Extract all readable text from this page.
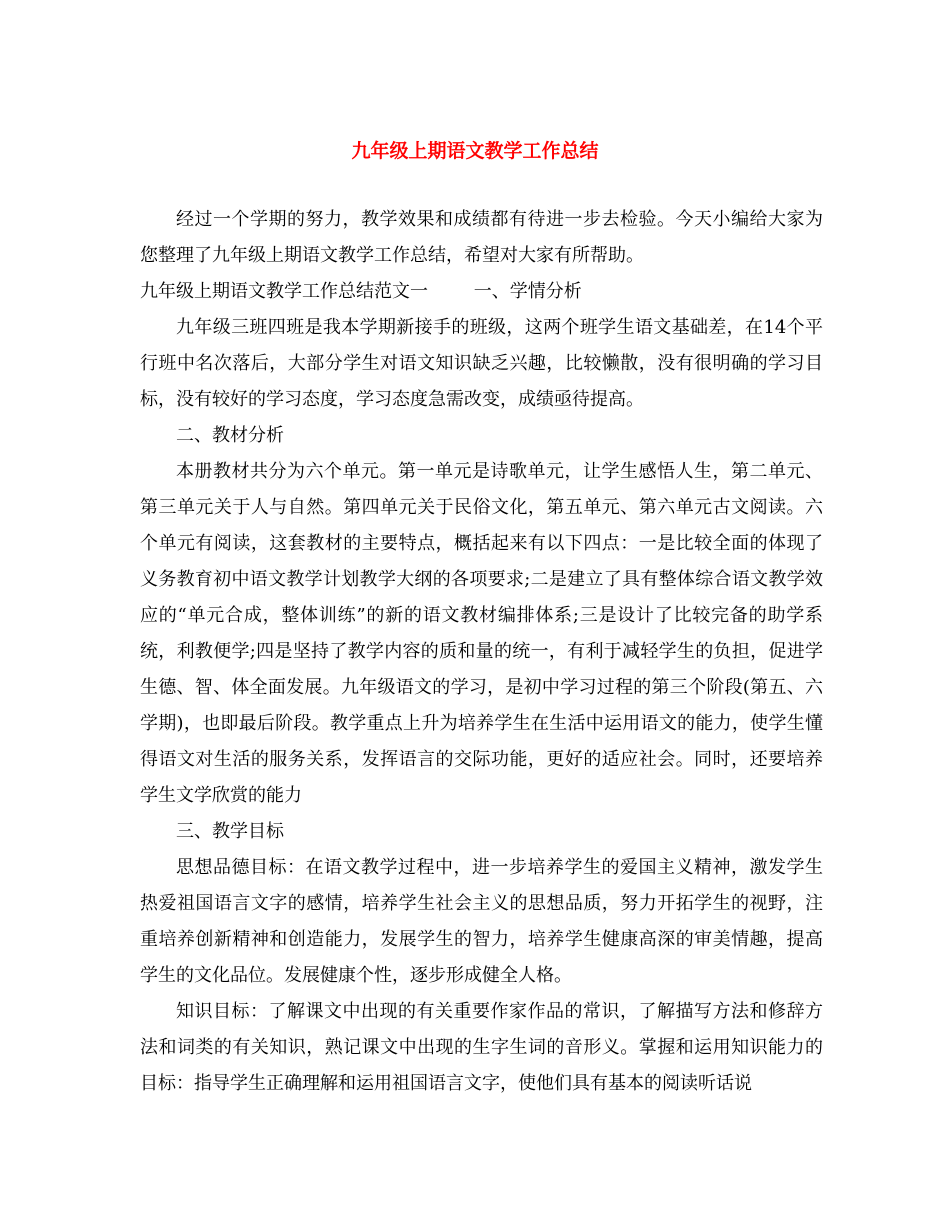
九年级上期语文教学工作总结

经过一个学期的努力，教学效果和成绩都有待进一步去检验。今天小编给大家为您整理了九年级上期语文教学工作总结，希望对大家有所帮助。

九年级上期语文教学工作总结范文一	一、学情分析

九年级三班四班是我本学期新接手的班级，这两个班学生语文基础差，在14个平行班中名次落后，大部分学生对语文知识缺乏兴趣，比较懒散，没有很明确的学习目标，没有较好的学习态度，学习态度急需改变，成绩亟待提高。

二、教材分析

本册教材共分为六个单元。第一单元是诗歌单元，让学生感悟人生，第二单元、第三单元关于人与自然。第四单元关于民俗文化，第五单元、第六单元古文阅读。六个单元有阅读，这套教材的主要特点，概括起来有以下四点：一是比较全面的体现了义务教育初中语文教学计划教学大纲的各项要求;二是建立了具有整体综合语文教学效应的“单元合成，整体训练”的新的语文教材编排体系;三是设计了比较完备的助学系统，利教便学;四是坚持了教学内容的质和量的统一，有利于减轻学生的负担，促进学生德、智、体全面发展。九年级语文的学习，是初中学习过程的第三个阶段(第五、六学期)，也即最后阶段。教学重点上升为培养学生在生活中运用语文的能力，使学生懂得语文对生活的服务关系，发挥语言的交际功能，更好的适应社会。同时，还要培养学生文学欣赏的能力

三、教学目标

思想品德目标：在语文教学过程中，进一步培养学生的爱国主义精神，激发学生热爱祖国语言文字的感情，培养学生社会主义的思想品质，努力开拓学生的视野，注重培养创新精神和创造能力，发展学生的智力，培养学生健康高深的审美情趣，提高学生的文化品位。发展健康个性，逐步形成健全人格。

知识目标：了解课文中出现的有关重要作家作品的常识，了解描写方法和修辞方法和词类的有关知识，熟记课文中出现的生字生词的音形义。掌握和运用知识能力的目标：指导学生正确理解和运用祖国语言文字，使他们具有基本的阅读听话说
